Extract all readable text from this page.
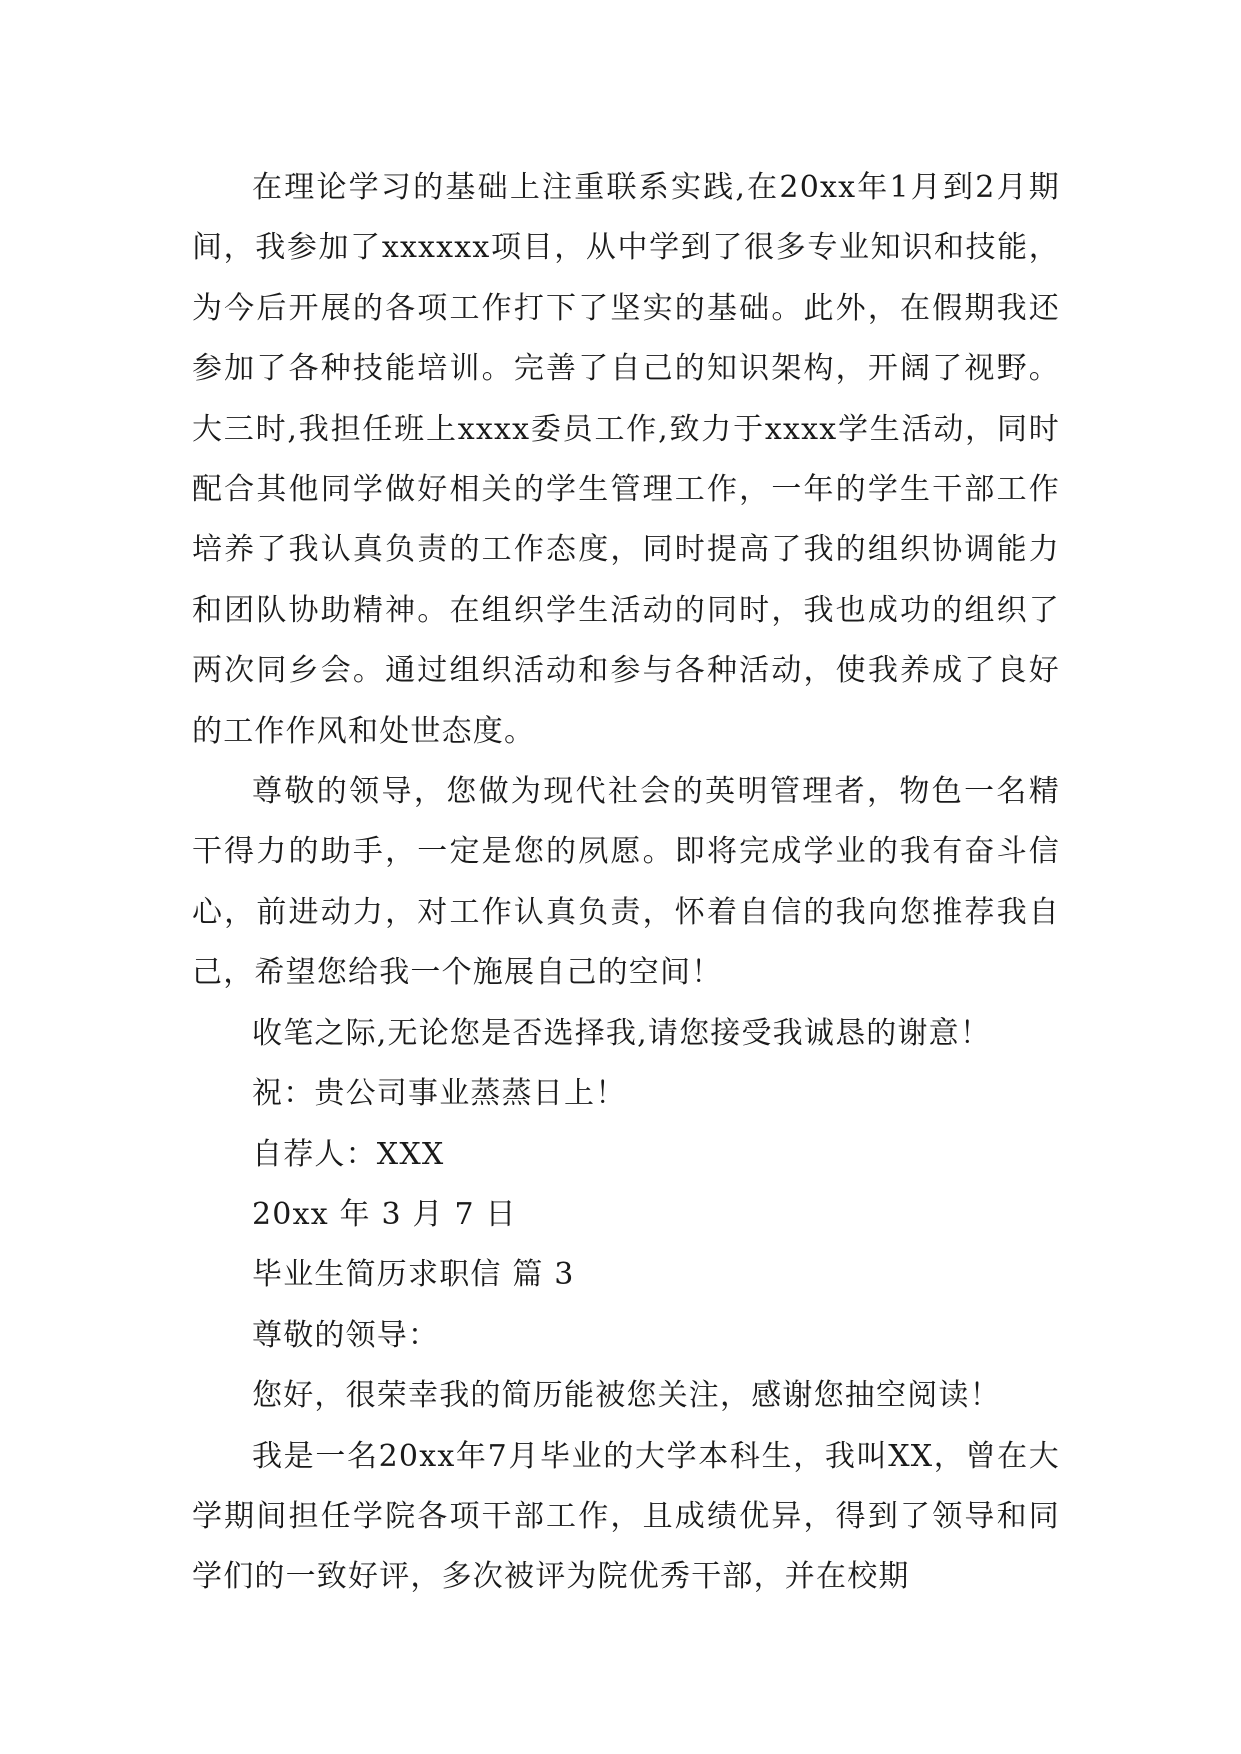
在理论学习的基础上注重联系实践,在20xx年1月到2月期间，我参加了xxxxxx项目，从中学到了很多专业知识和技能，为今后开展的各项工作打下了坚实的基础。此外，在假期我还参加了各种技能培训。完善了自己的知识架构，开阔了视野。大三时,我担任班上xxxx委员工作,致力于xxxx学生活动，同时配合其他同学做好相关的学生管理工作，一年的学生干部工作培养了我认真负责的工作态度，同时提高了我的组织协调能力和团队协助精神。在组织学生活动的同时，我也成功的组织了两次同乡会。通过组织活动和参与各种活动，使我养成了良好的工作作风和处世态度。

尊敬的领导，您做为现代社会的英明管理者，物色一名精干得力的助手，一定是您的夙愿。即将完成学业的我有奋斗信心，前进动力，对工作认真负责，怀着自信的我向您推荐我自己，希望您给我一个施展自己的空间！

收笔之际,无论您是否选择我,请您接受我诚恳的谢意！

祝：贵公司事业蒸蒸日上！

自荐人：XXX

20xx 年 3 月 7 日

毕业生简历求职信 篇 3

尊敬的领导：

您好，很荣幸我的简历能被您关注，感谢您抽空阅读！

我是一名20xx年7月毕业的大学本科生，我叫XX，曾在大学期间担任学院各项干部工作，且成绩优异，得到了领导和同学们的一致好评，多次被评为院优秀干部，并在校期
